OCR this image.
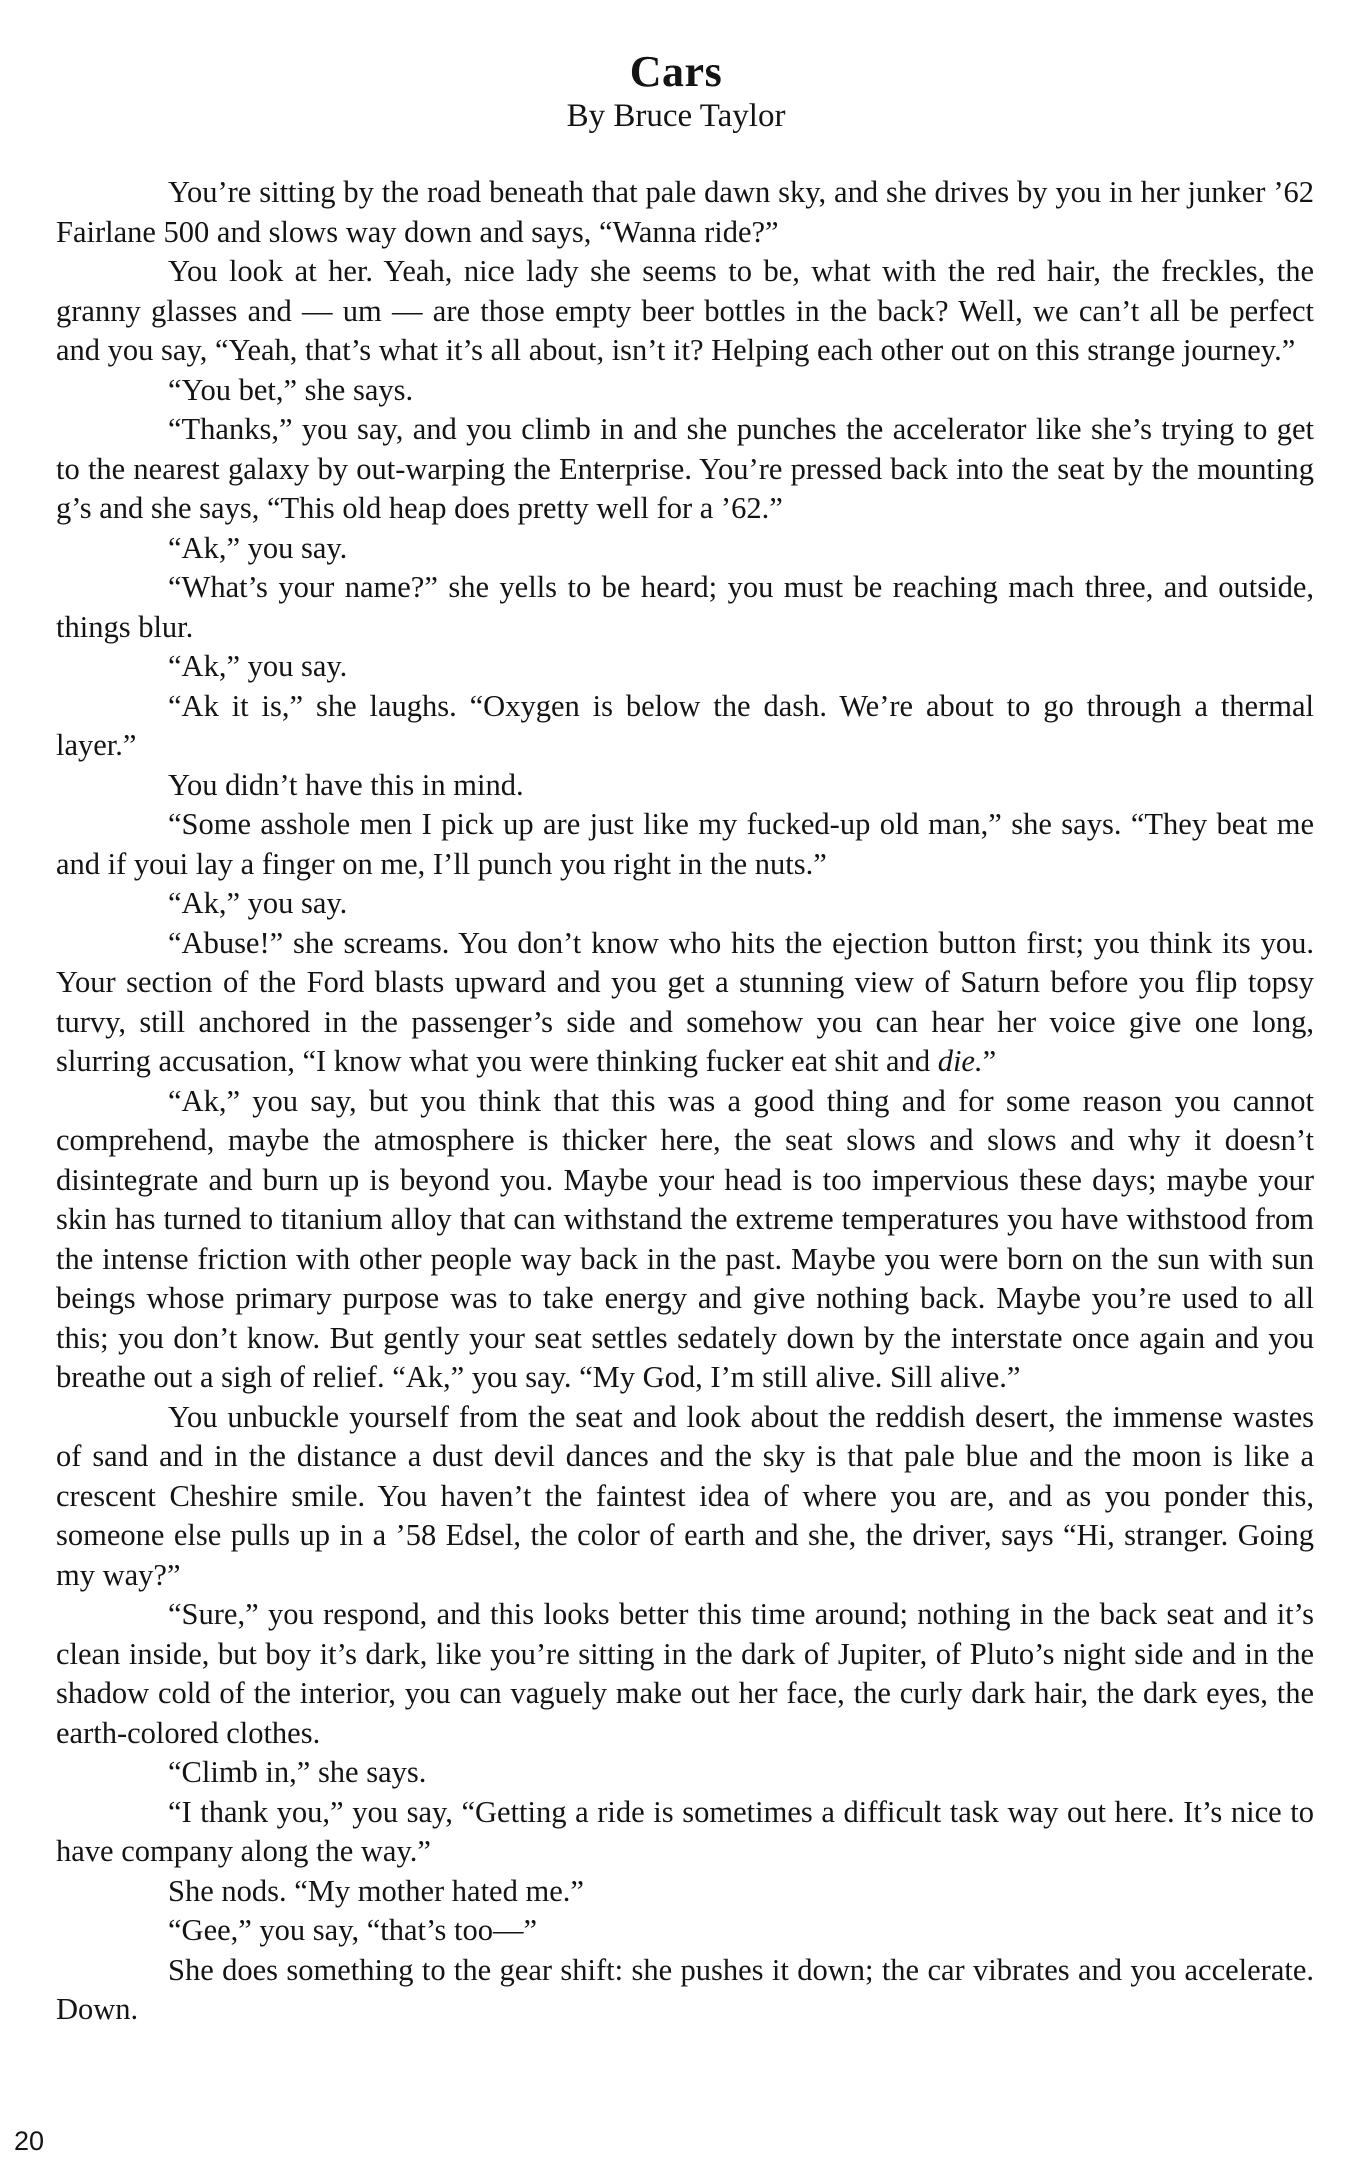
Cars
By Bruce Taylor

You’re sitting by the road beneath that pale dawn sky, and she drives by you in her junker ’62 Fairlane 500 and slows way down and says, “Wanna ride?”

You look at her. Yeah, nice lady she seems to be, what with the red hair, the freckles, the granny glasses and — um — are those empty beer bottles in the back? Well, we can’t all be perfect and you say, “Yeah, that’s what it’s all about, isn’t it? Helping each other out on this strange journey.”

“You bet,” she says.

“Thanks,” you say, and you climb in and she punches the accelerator like she’s trying to get to the nearest galaxy by out-warping the Enterprise. You’re pressed back into the seat by the mounting g’s and she says, “This old heap does pretty well for a ’62.”

“Ak,” you say.

“What’s your name?” she yells to be heard; you must be reaching mach three, and outside, things blur.

“Ak,” you say.

“Ak it is,” she laughs. “Oxygen is below the dash. We’re about to go through a thermal layer.”

You didn’t have this in mind.

“Some asshole men I pick up are just like my fucked-up old man,” she says. “They beat me and if youi lay a finger on me, I’ll punch you right in the nuts.”

“Ak,” you say.

“Abuse!” she screams. You don’t know who hits the ejection button first; you think its you. Your section of the Ford blasts upward and you get a stunning view of Saturn before you flip topsy turvy, still anchored in the passenger’s side and somehow you can hear her voice give one long, slurring accusation, “I know what you were thinking fucker eat shit and die.”

“Ak,” you say, but you think that this was a good thing and for some reason you cannot comprehend, maybe the atmosphere is thicker here, the seat slows and slows and why it doesn’t disintegrate and burn up is beyond you. Maybe your head is too impervious these days; maybe your skin has turned to titanium alloy that can withstand the extreme temperatures you have withstood from the intense friction with other people way back in the past. Maybe you were born on the sun with sun beings whose primary purpose was to take energy and give nothing back. Maybe you’re used to all this; you don’t know. But gently your seat settles sedately down by the interstate once again and you breathe out a sigh of relief. “Ak,” you say. “My God, I’m still alive. Sill alive.”

You unbuckle yourself from the seat and look about the reddish desert, the immense wastes of sand and in the distance a dust devil dances and the sky is that pale blue and the moon is like a crescent Cheshire smile. You haven’t the faintest idea of where you are, and as you ponder this, someone else pulls up in a ’58 Edsel, the color of earth and she, the driver, says “Hi, stranger. Going my way?”

“Sure,” you respond, and this looks better this time around; nothing in the back seat and it’s clean inside, but boy it’s dark, like you’re sitting in the dark of Jupiter, of Pluto’s night side and in the shadow cold of the interior, you can vaguely make out her face, the curly dark hair, the dark eyes, the earth-colored clothes.

“Climb in,” she says.

“I thank you,” you say, “Getting a ride is sometimes a difficult task way out here. It’s nice to have company along the way.”

She nods. “My mother hated me.”

“Gee,” you say, “that’s too—”

She does something to the gear shift: she pushes it down; the car vibrates and you accelerate. Down.

20
